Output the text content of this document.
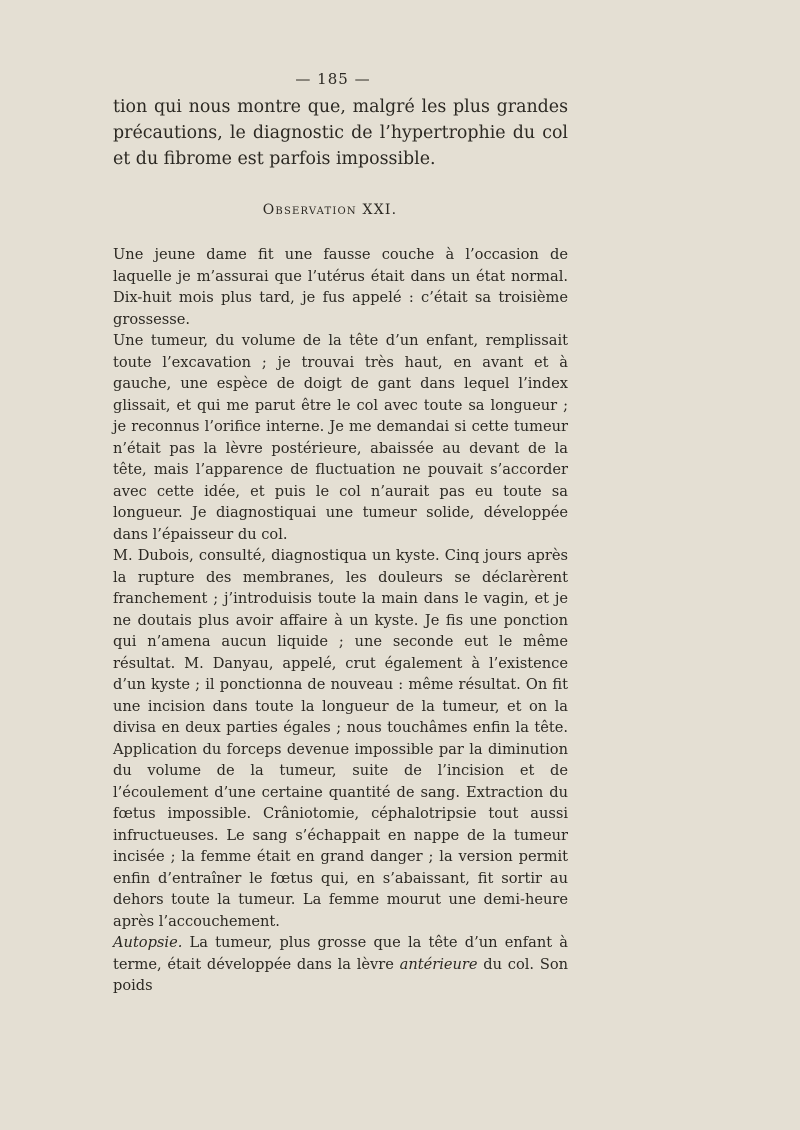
— 185 —

tion qui nous montre que, malgré les plus grandes précautions, le diagnostic de l’hypertrophie du col et du fibrome est parfois impossible.

Observation XXI.

Une jeune dame fit une fausse couche à l’occasion de laquelle je m’assurai que l’utérus était dans un état normal. Dix-huit mois plus tard, je fus appelé : c’était sa troisième grossesse.

Une tumeur, du volume de la tête d’un enfant, remplissait toute l’excavation ; je trouvai très haut, en avant et à gauche, une espèce de doigt de gant dans lequel l’index glissait, et qui me parut être le col avec toute sa longueur ; je reconnus l’orifice interne. Je me demandai si cette tumeur n’était pas la lèvre postérieure, abaissée au devant de la tête, mais l’apparence de fluctuation ne pouvait s’accorder avec cette idée, et puis le col n’aurait pas eu toute sa longueur. Je diagnostiquai une tumeur solide, développée dans l’épaisseur du col.

M. Dubois, consulté, diagnostiqua un kyste. Cinq jours après la rupture des membranes, les douleurs se déclarèrent franchement ; j’introduisis toute la main dans le vagin, et je ne doutais plus avoir affaire à un kyste. Je fis une ponction qui n’amena aucun liquide ; une seconde eut le même résultat. M. Danyau, appelé, crut également à l’existence d’un kyste ; il ponctionna de nouveau : même résultat. On fit une incision dans toute la longueur de la tumeur, et on la divisa en deux parties égales ; nous touchâmes enfin la tête. Application du forceps devenue impossible par la diminution du volume de la tumeur, suite de l’incision et de l’écoulement d’une certaine quantité de sang. Extraction du fœtus impossible. Crâniotomie, céphalotripsie tout aussi infructueuses. Le sang s’échappait en nappe de la tumeur incisée ; la femme était en grand danger ; la version permit enfin d’entraîner le fœtus qui, en s’abaissant, fit sortir au dehors toute la tumeur. La femme mourut une demi-heure après l’accouchement.

Autopsie. La tumeur, plus grosse que la tête d’un enfant à terme, était développée dans la lèvre antérieure du col. Son poids
